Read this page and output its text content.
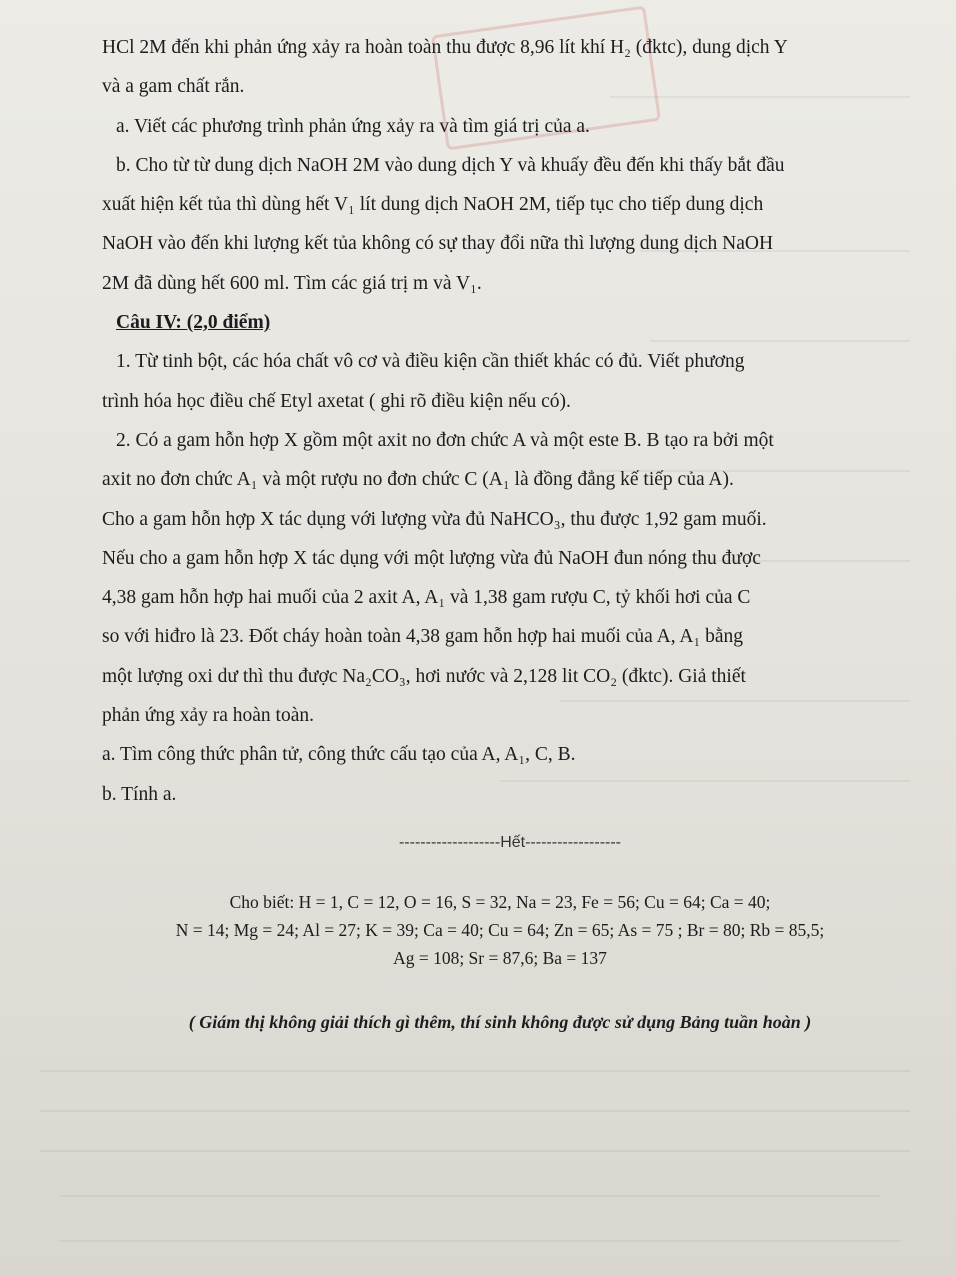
HCl 2M đến khi phản ứng xảy ra hoàn toàn thu được 8,96 lít khí H₂ (đktc), dung dịch Y

và a gam chất rắn.

a. Viết các phương trình phản ứng xảy ra và tìm giá trị của a.

b. Cho từ từ dung dịch NaOH 2M vào dung dịch Y và khuấy đều đến khi thấy bắt đầu

xuất hiện kết tủa thì dùng hết V₁ lít dung dịch NaOH 2M, tiếp tục cho tiếp dung dịch

NaOH vào đến khi lượng kết tủa không có sự thay đổi nữa thì lượng dung dịch NaOH

2M đã dùng hết 600 ml. Tìm các giá trị m và V₁.

Câu IV: (2,0 điểm)

1. Từ tinh bột, các hóa chất vô cơ và điều kiện cần thiết khác có đủ. Viết phương

trình hóa học điều chế Etyl axetat ( ghi rõ điều kiện nếu có).

2. Có a gam hỗn hợp X gồm một axit no đơn chức A và một este B. B tạo ra bởi một

axit no đơn chức A₁ và một rượu no đơn chức C (A₁ là đồng đẳng kế tiếp của A).

Cho a gam hỗn hợp X tác dụng với lượng vừa đủ NaHCO₃, thu được 1,92 gam muối.

Nếu cho a gam hỗn hợp X tác dụng với một lượng vừa đủ NaOH đun nóng thu được

4,38 gam hỗn hợp hai muối của 2 axit A, A₁ và 1,38 gam rượu C, tỷ khối hơi của C

so với hiđro là 23. Đốt cháy hoàn toàn 4,38 gam hỗn hợp hai muối của A, A₁ bằng

một lượng oxi dư thì thu được Na₂CO₃, hơi nước và 2,128 lit CO₂ (đktc). Giả thiết

phản ứng xảy ra hoàn toàn.

a. Tìm công thức phân tử, công thức cấu tạo của A, A₁, C, B.

b. Tính a.

-------------------Hết------------------
Cho biết: H = 1, C = 12, O = 16, S = 32, Na = 23, Fe = 56; Cu = 64; Ca = 40;
N = 14; Mg = 24; Al = 27; K = 39; Ca = 40; Cu = 64; Zn = 65; As = 75 ; Br = 80; Rb = 85,5;
Ag = 108; Sr = 87,6; Ba = 137
( Giám thị không giải thích gì thêm, thí sinh không được sử dụng Bảng tuần hoàn )
